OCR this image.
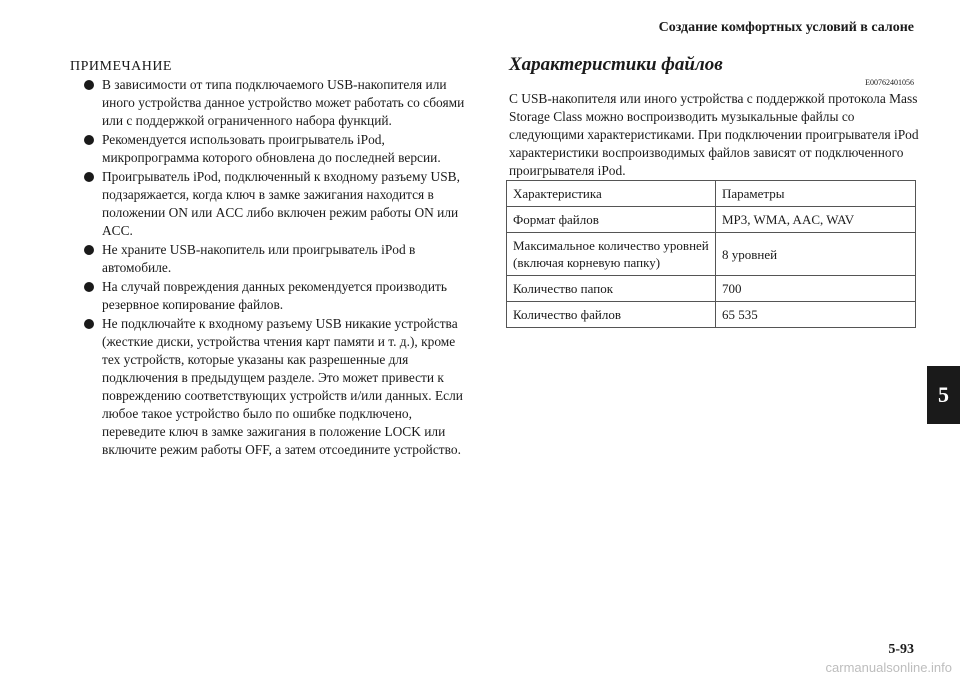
Создание комфортных условий в салоне
ПРИМЕЧАНИЕ
В зависимости от типа подключаемого USB-накопителя или иного устройства данное устройство может работать со сбоями или с поддержкой ограниченного набора функций.
Рекомендуется использовать проигрыватель iPod, микропрограмма которого обновлена до последней версии.
Проигрыватель iPod, подключенный к входному разъему USB, подзаряжается, когда ключ в замке зажигания находится в положении ON или ACC либо включен режим работы ON или ACC.
Не храните USB-накопитель или проигрыватель iPod в автомобиле.
На случай повреждения данных рекомендуется производить резервное копирование файлов.
Не подключайте к входному разъему USB никакие устройства (жесткие диски, устройства чтения карт памяти и т. д.), кроме тех устройств, которые указаны как разрешенные для подключения в предыдущем разделе. Это может привести к повреждению соответствующих устройств и/или данных. Если любое такое устройство было по ошибке подключено, переведите ключ в замке зажигания в положение LOCK или включите режим работы OFF, а затем отсоедините устройство.
Характеристики файлов
E00762401056

С USB-накопителя или иного устройства с поддержкой протокола Mass Storage Class можно воспроизводить музыкальные файлы со следующими характеристиками. При подключении проигрывателя iPod характеристики воспроизводимых файлов зависят от подключенного проигрывателя iPod.

Характеристика	Параметры
Формат файлов	MP3, WMA, AAC, WAV
Максимальное количество уровней (включая корневую папку)	8 уровней
Количество папок	700
Количество файлов	65 535
5
5-93
carmanualsonline.info
